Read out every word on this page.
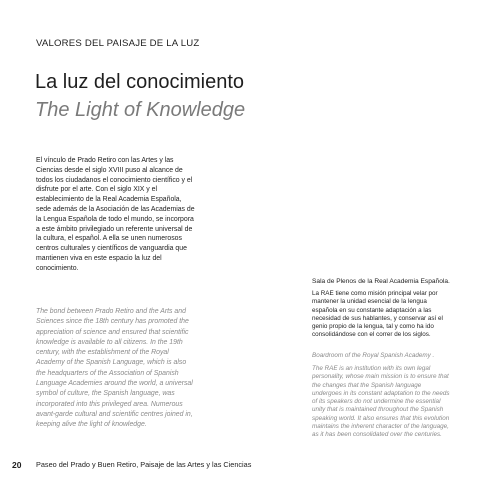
VALORES DEL PAISAJE DE LA LUZ
La luz del conocimiento
The Light of Knowledge
El vínculo de Prado Retiro con las Artes y las Ciencias desde el siglo XVIII puso al alcance de todos los ciudadanos el conocimiento científico y el disfrute por el arte. Con el siglo XIX y el establecimiento de la Real Academia Española, sede además de la Asociación de las Academias de la Lengua Española de todo el mundo, se incorpora a este ámbito privilegiado un referente universal de la cultura, el español. A ella se unen numerosos centros culturales y científicos de vanguardia que mantienen viva en este espacio la luz del conocimiento.
The bond between Prado Retiro and the Arts and Sciences since the 18th century has promoted the appreciation of science and ensured that scientific knowledge is available to all citizens. In the 19th century, with the establishment of the Royal Academy of the Spanish Language, which is also the headquarters of the Association of Spanish Language Academies around the world, a universal symbol of culture, the Spanish language, was incorporated into this privileged area. Numerous avant-garde cultural and scientific centres joined in, keeping alive the light of knowledge.
Sala de Plenos de la Real Academia Española.
La RAE tiene como misión principal velar por mantener la unidad esencial de la lengua española en su constante adaptación a las necesidad de sus hablantes, y conservar así el genio propio de la lengua, tal y como ha ido consolidándose con el correr de los siglos.
Boardroom of the Royal Spanish Academy .
The RAE is an institution with its own legal personality, whose main mission is to ensure that the changes that the Spanish language undergoes in its constant adaptation to the needs of its speakers do not undermine the essential unity that is maintained throughout the Spanish speaking world. It also ensures that this evolution maintains the inherent character of the language, as it has been consolidated over the centuries.
20 Paseo del Prado y Buen Retiro, Paisaje de las Artes y las Ciencias
